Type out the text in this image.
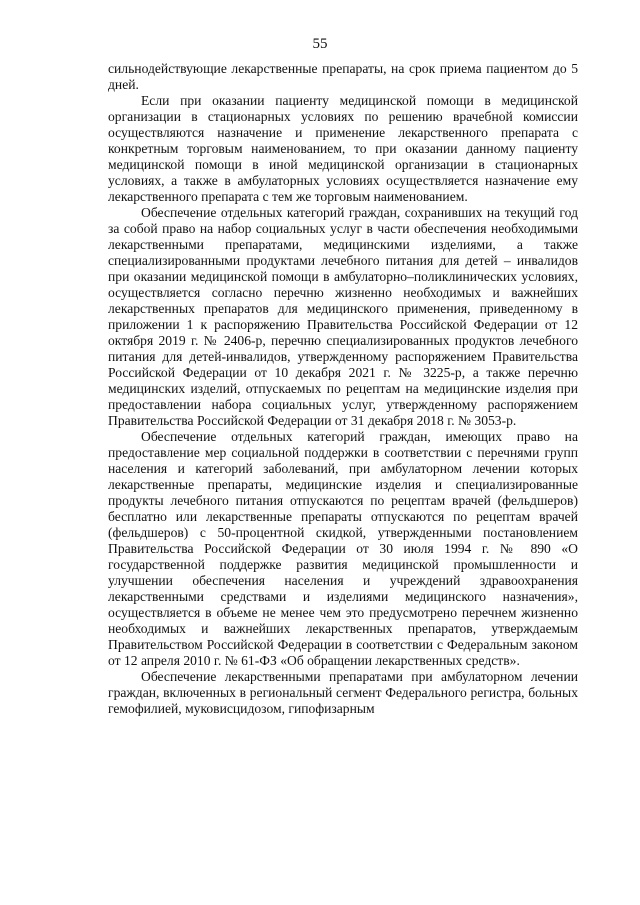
55

сильнодействующие лекарственные препараты, на срок приема пациентом до 5 дней.

Если при оказании пациенту медицинской помощи в медицинской организации в стационарных условиях по решению врачебной комиссии осуществляются назначение и применение лекарственного препарата с конкретным торговым наименованием, то при оказании данному пациенту медицинской помощи в иной медицинской организации в стационарных условиях, а также в амбулаторных условиях осуществляется назначение ему лекарственного препарата с тем же торговым наименованием.

Обеспечение отдельных категорий граждан, сохранивших на текущий год за собой право на набор социальных услуг в части обеспечения необходимыми лекарственными препаратами, медицинскими изделиями, а также специализированными продуктами лечебного питания для детей – инвалидов при оказании медицинской помощи в амбулаторно–поликлинических условиях, осуществляется согласно перечню жизненно необходимых и важнейших лекарственных препаратов для медицинского применения, приведенному в приложении 1 к распоряжению Правительства Российской Федерации от 12 октября 2019 г. № 2406-р, перечню специализированных продуктов лечебного питания для детей-инвалидов, утвержденному распоряжением Правительства Российской Федерации от 10 декабря 2021 г. № 3225-р, а также перечню медицинских изделий, отпускаемых по рецептам на медицинские изделия при предоставлении набора социальных услуг, утвержденному распоряжением Правительства Российской Федерации от 31 декабря 2018 г. № 3053-р.

Обеспечение отдельных категорий граждан, имеющих право на предоставление мер социальной поддержки в соответствии с перечнями групп населения и категорий заболеваний, при амбулаторном лечении которых лекарственные препараты, медицинские изделия и специализированные продукты лечебного питания отпускаются по рецептам врачей (фельдшеров) бесплатно или лекарственные препараты отпускаются по рецептам врачей (фельдшеров) с 50-процентной скидкой, утвержденными постановлением Правительства Российской Федерации от 30 июля 1994 г. № 890 «О государственной поддержке развития медицинской промышленности и улучшении обеспечения населения и учреждений здравоохранения лекарственными средствами и изделиями медицинского назначения», осуществляется в объеме не менее чем это предусмотрено перечнем жизненно необходимых и важнейших лекарственных препаратов, утверждаемым Правительством Российской Федерации в соответствии с Федеральным законом от 12 апреля 2010 г. № 61-ФЗ «Об обращении лекарственных средств».

Обеспечение лекарственными препаратами при амбулаторном лечении граждан, включенных в региональный сегмент Федерального регистра, больных гемофилией, муковисцидозом, гипофизарным
